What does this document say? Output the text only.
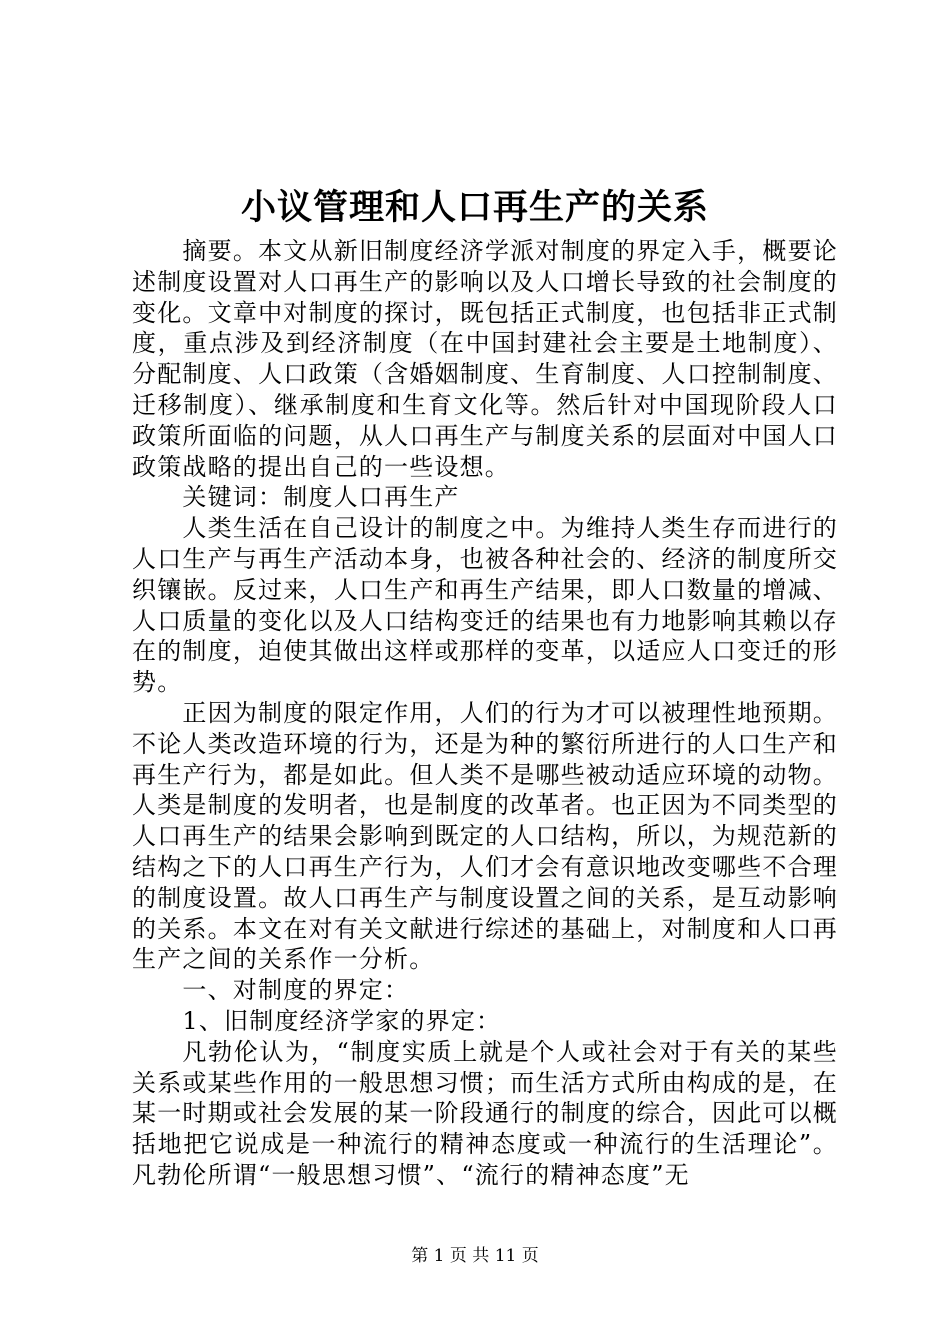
小议管理和人口再生产的关系

摘要。本文从新旧制度经济学派对制度的界定入手，概要论述制度设置对人口再生产的影响以及人口增长导致的社会制度的变化。文章中对制度的探讨，既包括正式制度，也包括非正式制度，重点涉及到经济制度（在中国封建社会主要是土地制度）、分配制度、人口政策（含婚姻制度、生育制度、人口控制制度、迁移制度）、继承制度和生育文化等。然后针对中国现阶段人口政策所面临的问题，从人口再生产与制度关系的层面对中国人口政策战略的提出自己的一些设想。

关键词：制度人口再生产

人类生活在自己设计的制度之中。为维持人类生存而进行的人口生产与再生产活动本身，也被各种社会的、经济的制度所交织镶嵌。反过来，人口生产和再生产结果，即人口数量的增减、人口质量的变化以及人口结构变迁的结果也有力地影响其赖以存在的制度，迫使其做出这样或那样的变革，以适应人口变迁的形势。

正因为制度的限定作用，人们的行为才可以被理性地预期。不论人类改造环境的行为，还是为种的繁衍所进行的人口生产和再生产行为，都是如此。但人类不是哪些被动适应环境的动物。人类是制度的发明者，也是制度的改革者。也正因为不同类型的人口再生产的结果会影响到既定的人口结构，所以，为规范新的结构之下的人口再生产行为，人们才会有意识地改变哪些不合理的制度设置。故人口再生产与制度设置之间的关系，是互动影响的关系。本文在对有关文献进行综述的基础上，对制度和人口再生产之间的关系作一分析。

一、对制度的界定：

1、旧制度经济学家的界定：

凡勃伦认为，“制度实质上就是个人或社会对于有关的某些关系或某些作用的一般思想习惯；而生活方式所由构成的是，在某一时期或社会发展的某一阶段通行的制度的综合，因此可以概括地把它说成是一种流行的精神态度或一种流行的生活理论”。凡勃伦所谓“一般思想习惯”、“流行的精神态度”无

第 1 页 共 11 页
